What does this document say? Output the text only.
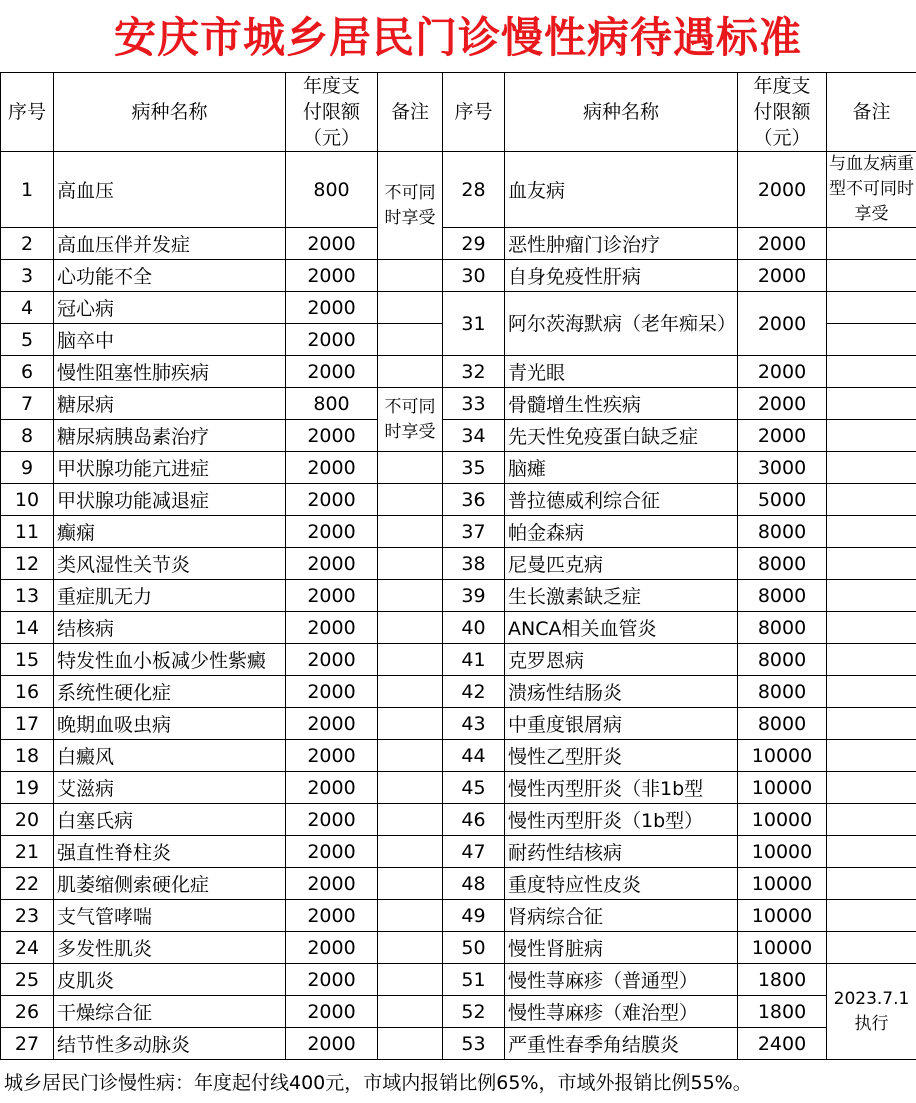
安庆市城乡居民门诊慢性病待遇标准
序号	病种名称	年度支
付限额
（元）	备注	序号	病种名称	年度支
付限额
（元）	备注
1	高血压	800	不可同时享受	28	血友病	2000	与血友病重型不可同时享受
2	高血压伴并发症	2000		29	恶性肿瘤门诊治疗	2000	
3	心功能不全	2000		30	自身免疫性肝病	2000	
4	冠心病	2000		31	阿尔茨海默病（老年痴呆）	2000	
5	脑卒中	2000					
6	慢性阻塞性肺疾病	2000		32	青光眼	2000	
7	糖尿病	800	不可同时享受	33	骨髓增生性疾病	2000	
8	糖尿病胰岛素治疗	2000		34	先天性免疫蛋白缺乏症	2000	
9	甲状腺功能亢进症	2000		35	脑瘫	3000	
10	甲状腺功能减退症	2000		36	普拉德威利综合征	5000	
11	癫痫	2000		37	帕金森病	8000	
12	类风湿性关节炎	2000		38	尼曼匹克病	8000	
13	重症肌无力	2000		39	生长激素缺乏症	8000	
14	结核病	2000		40	ANCA相关血管炎	8000	
15	特发性血小板减少性紫癜	2000		41	克罗恩病	8000	
16	系统性硬化症	2000		42	溃疡性结肠炎	8000	
17	晚期血吸虫病	2000		43	中重度银屑病	8000	
18	白癜风	2000		44	慢性乙型肝炎	10000	
19	艾滋病	2000		45	慢性丙型肝炎（非1b型	10000	
20	白塞氏病	2000		46	慢性丙型肝炎（1b型）	10000	
21	强直性脊柱炎	2000		47	耐药性结核病	10000	
22	肌萎缩侧索硬化症	2000		48	重度特应性皮炎	10000	
23	支气管哮喘	2000		49	肾病综合征	10000	
24	多发性肌炎	2000		50	慢性肾脏病	10000	
25	皮肌炎	2000		51	慢性荨麻疹（普通型）	1800	2023.7.1执行
26	干燥综合征	2000		52	慢性荨麻疹（难治型）	1800	
27	结节性多动脉炎	2000		53	严重性春季角结膜炎	2400	
城乡居民门诊慢性病：年度起付线400元，市域内报销比例65%，市域外报销比例55%。
